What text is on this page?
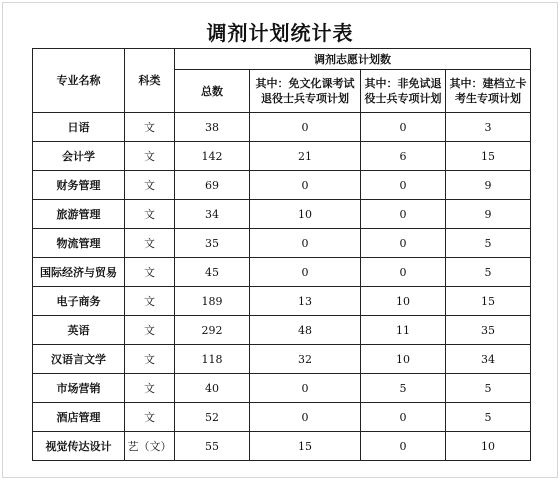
调剂计划统计表
专业名称	科类	调剂志愿计划数			
		总数	其中：免文化课考试退役士兵专项计划	其中：非免试退役士兵专项计划	其中：建档立卡考生专项计划
日语	文	38	0	0	3
会计学	文	142	21	6	15
财务管理	文	69	0	0	9
旅游管理	文	34	10	0	9
物流管理	文	35	0	0	5
国际经济与贸易	文	45	0	0	5
电子商务	文	189	13	10	15
英语	文	292	48	11	35
汉语言文学	文	118	32	10	34
市场营销	文	40	0	5	5
酒店管理	文	52	0	0	5
视觉传达设计	艺（文）	55	15	0	10
